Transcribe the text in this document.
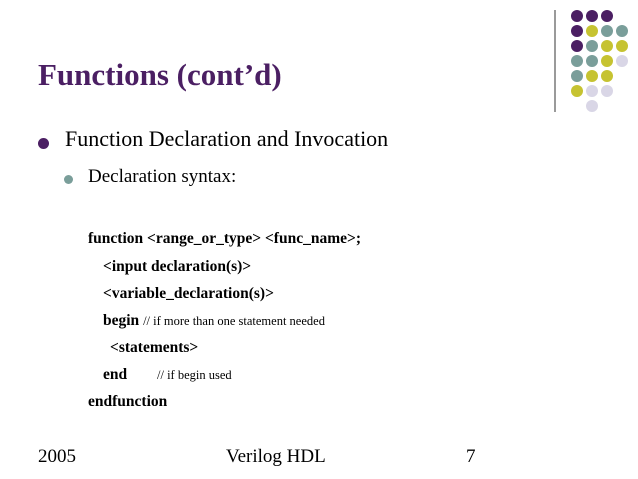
Functions (cont’d)
Function Declaration and Invocation
Declaration syntax:
function <range_or_type> <func_name>;
<input declaration(s)>
<variable_declaration(s)>
begin // if more than one statement needed
<statements>
end // if begin used
endfunction
2005	Verilog HDL	7
